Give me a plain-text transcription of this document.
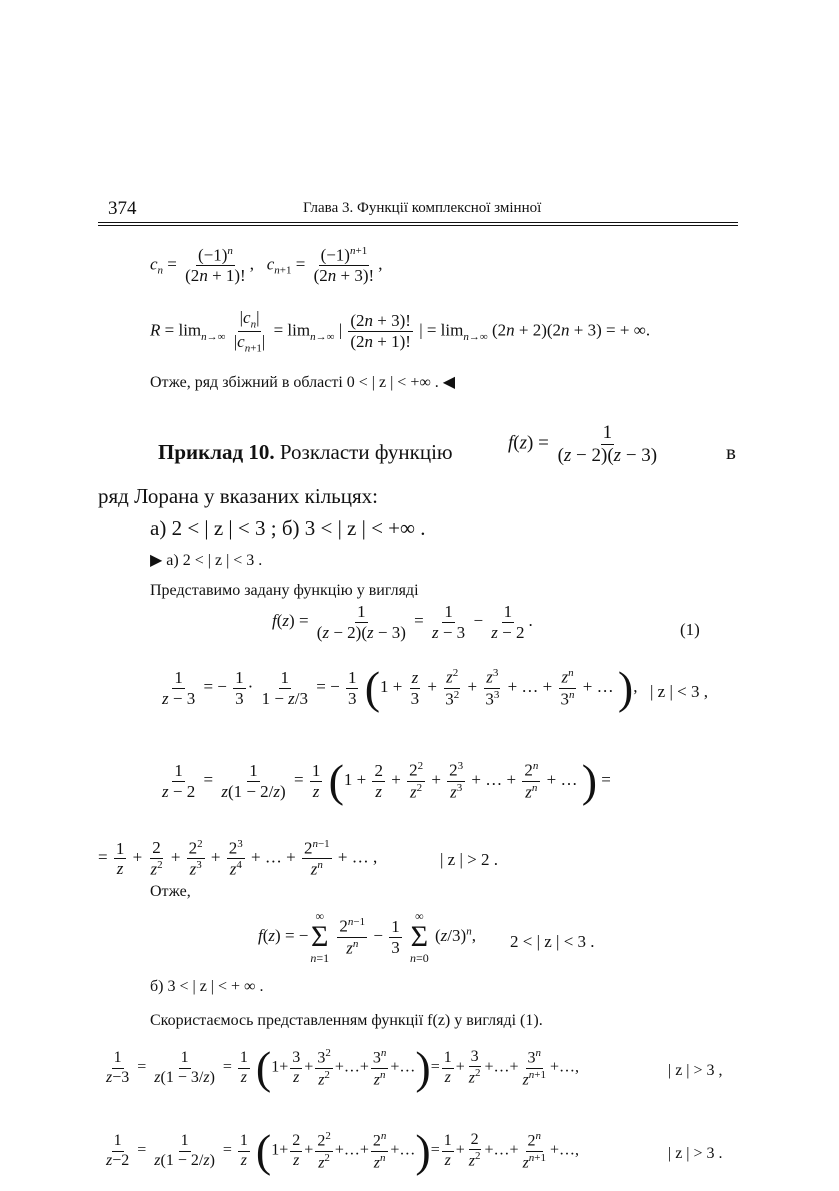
374	Глава 3. Функції комплексної змінної
$c_n = \frac{(-1)^n}{(2n + 1)!}$ ,   $c_{n+1} = \frac{(-1)^{n+1}}{(2n + 3)!}$ ,
$R = \lim_{n\to\infty} \frac{|c_n|}{|c_{n+1}|} = \lim_{n\to\infty}$ | $\frac{(2n + 3)!}{(2n + 1)!}$ | = $\lim_{n\to\infty} (2n + 2)(2n + 3)$ = + ∞.
Отже, ряд збіжний в області 0 < | z | < +∞ . ◀
Приклад 10. Розкласти функцію	$f(z) = \frac{1}{(z - 2)(z - 3)}$	в
ряд Лорана у вказаних кільцях:
а) 2 < | z | < 3 ; б) 3 < | z | < +∞ .
▶ а) 2 < | z | < 3 .
Представимо задану функцію у вигляді
$f(z) = \frac{1}{(z - 2)(z - 3)} = \frac{1}{z - 3} - \frac{1}{z - 2}$ .	(1)
$\frac{1}{z - 3}$ = − $\frac{1}{3} \cdot \frac{1}{1 - z/3}$ = − $\frac{1}{3} (1 + \frac{z}{3} + \frac{z^2}{3^2} + \frac{z^3}{3^3}$ + … + $\frac{z^n}{3^n}$ + … ), | z | < 3 ,
$\frac{1}{z - 2} = \frac{1}{z(1 - 2/z)} = \frac{1}{z} (1 + \frac{2}{z} + \frac{2^2}{z^2} + \frac{2^3}{z^3}$ + … + $\frac{2^n}{z^n}$ + … ) =
= $\frac{1}{z} + \frac{2}{z^2} + \frac{2^2}{z^3} + \frac{2^3}{z^4}$ + … + $\frac{2^{n-1}}{z^n}$ + … ,	| z | > 2 .
Отже,
f(z) = −
∞
Σ
n=1

$\frac{2^{n-1}}{z^n} - \frac{1}{3}$

∞
Σ
n=0
$(z/3)^n$, 2 < | z | < 3 .
б) 3 < | z | < + ∞ .
Скористаємось представленням функції f(z) у вигляді (1).
$\frac{1}{z-3} = \frac{1}{z(1 - 3/z)} = \frac{1}{z} (1+ \frac{3}{z} + \frac{3^2}{z^2}$ +…+ $\frac{3^n}{z^n}$ +…)= $\frac{1}{z} + \frac{3}{z^2}$ +…+ $\frac{3^n}{z^{n+1}}$ +…,	| z | > 3 ,
$\frac{1}{z-2} = \frac{1}{z(1 - 2/z)} = \frac{1}{z} (1+ \frac{2}{z} + \frac{2^2}{z^2}$ +…+ $\frac{2^n}{z^n}$ +…)= $\frac{1}{z} + \frac{2}{z^2}$ +…+ $\frac{2^n}{z^{n+1}}$ +…,	| z | > 3 .
